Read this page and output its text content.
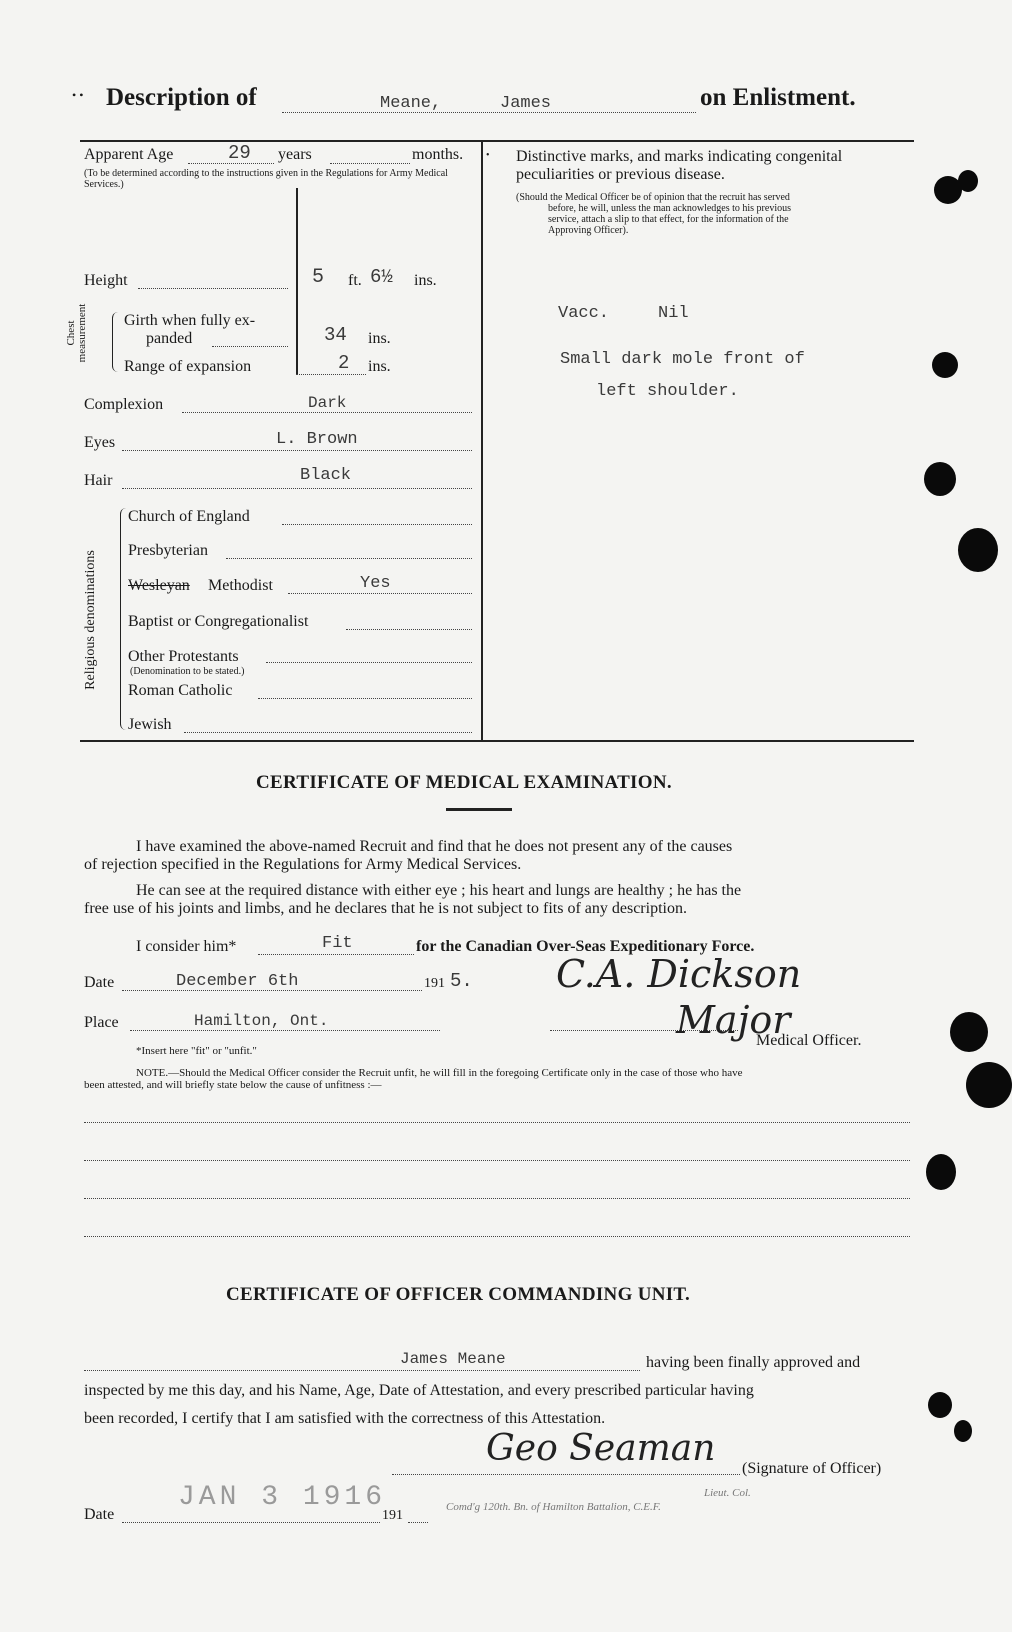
• • Description of	Meane,	James	on Enlistment.
Apparent Age	29 years	months.
(To be determined according to the instructions given in the Regulations for Army Medical Services.)
Height	5 ft. 6½ ins.
Chest measurement Girth when fully ex-
panded	34 ins.
Range of expansion	2 ins.
Complexion	Dark
Eyes	L. Brown
Hair	Black
Religious denominations
Church of England
Presbyterian
Wesleyan Methodist	Yes
Baptist or Congregationalist
Other Protestants
(Denomination to be stated.)
Roman Catholic
Jewish
• Distinctive marks, and marks indicating congenital
peculiarities or previous disease.
(Should the Medical Officer be of opinion that the recruit has served
before, he will, unless the man acknowledges to his previous
service, attach a slip to that effect, for the information of the
Approving Officer).
Vacc.	Nil
Small dark mole front of
left shoulder.
CERTIFICATE OF MEDICAL EXAMINATION.
I have examined the above-named Recruit and find that he does not present any of the causes
of rejection specified in the Regulations for Army Medical Services.
He can see at the required distance with either eye ; his heart and lungs are healthy ; he has the
free use of his joints and limbs, and he declares that he is not subject to fits of any description.
I consider him*	Fit	for the Canadian Over-Seas Expeditionary Force.
Date	December 6th	191 5.
Place	Hamilton, Ont.
C.A. Dickson
Major
Medical Officer.
*Insert here "fit" or "unfit."
NOTE.—Should the Medical Officer consider the Recruit unfit, he will fill in the foregoing Certificate only in the case of those who have
been attested, and will briefly state below the cause of unfitness :—
CERTIFICATE OF OFFICER COMMANDING UNIT.
James Meane	having been finally approved and
inspected by me this day, and his Name, Age, Date of Attestation, and every prescribed particular having
been recorded, I certify that I am satisfied with the correctness of this Attestation.
Geo Seaman (Signature of Officer)
Lieut. Col.
Comd'g 120th. Bn. of Hamilton Battalion, C.E.F.
JAN 3 1916
Date	191
